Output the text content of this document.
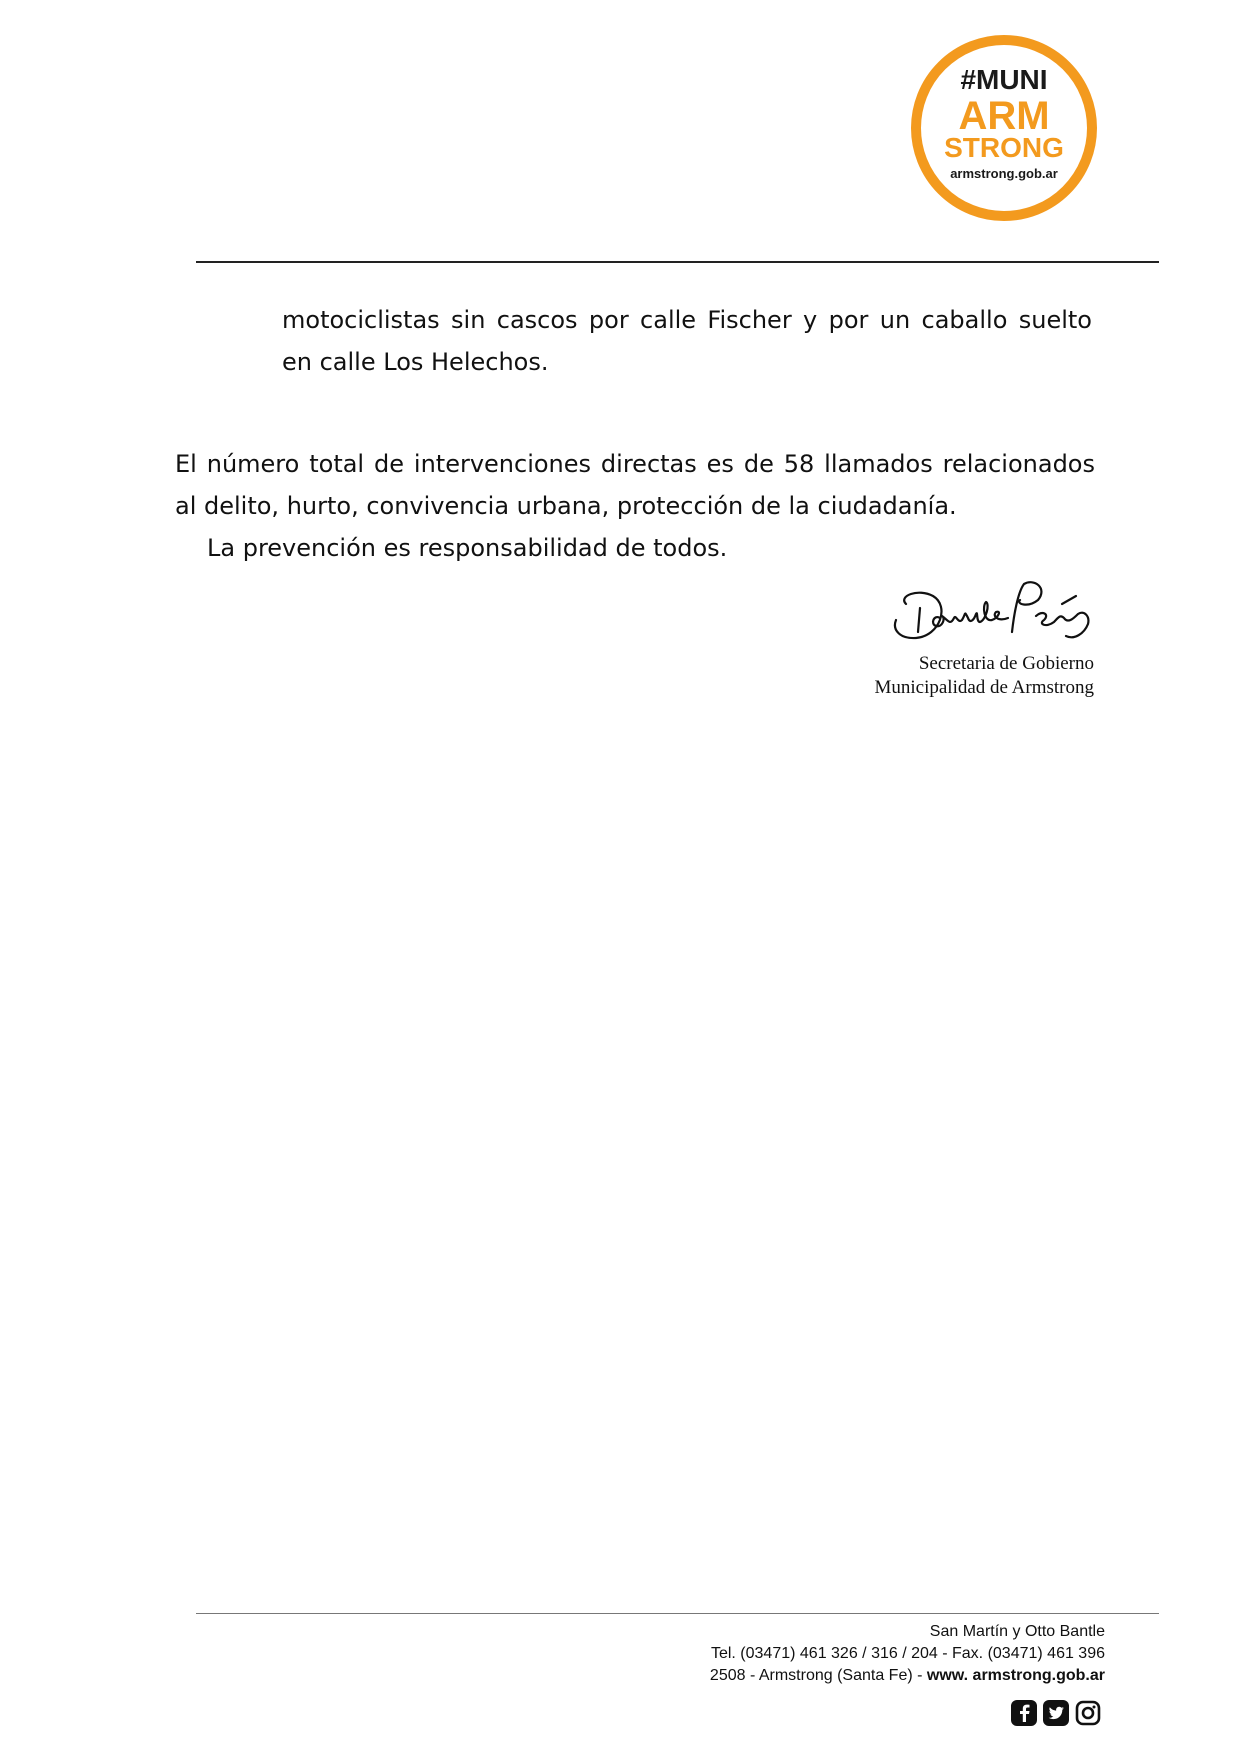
#MUNI
ARM
STRONG
armstrong.gob.ar
motociclistas sin cascos por calle Fischer y por un caballo suelto en calle Los Helechos.
El número total de intervenciones directas es de 58 llamados relacionados al delito, hurto, convivencia urbana, protección de la ciudadanía.
La prevención es responsabilidad de todos.
Secretaria de Gobierno
Municipalidad de Armstrong
San Martín y Otto Bantle
Tel. (03471) 461 326 / 316 / 204 - Fax. (03471) 461 396
2508 - Armstrong (Santa Fe) - www. armstrong.gob.ar
